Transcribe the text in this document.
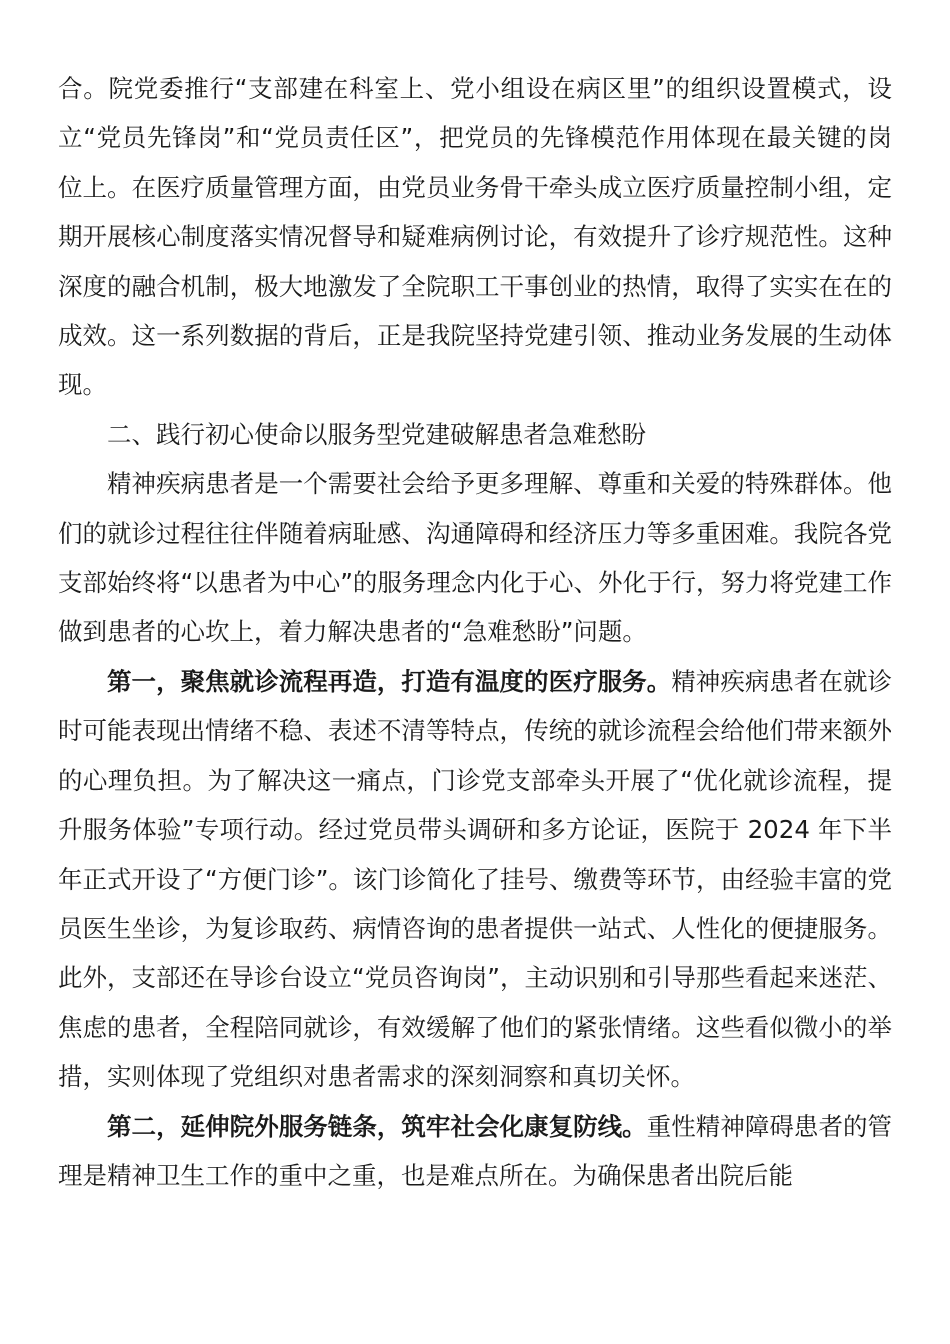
合。院党委推行“支部建在科室上、党小组设在病区里”的组织设置模式，设立“党员先锋岗”和“党员责任区”，把党员的先锋模范作用体现在最关键的岗位上。在医疗质量管理方面，由党员业务骨干牵头成立医疗质量控制小组，定期开展核心制度落实情况督导和疑难病例讨论，有效提升了诊疗规范性。这种深度的融合机制，极大地激发了全院职工干事创业的热情，取得了实实在在的成效。这一系列数据的背后，正是我院坚持党建引领、推动业务发展的生动体现。

二、践行初心使命以服务型党建破解患者急难愁盼

精神疾病患者是一个需要社会给予更多理解、尊重和关爱的特殊群体。他们的就诊过程往往伴随着病耻感、沟通障碍和经济压力等多重困难。我院各党支部始终将“以患者为中心”的服务理念内化于心、外化于行，努力将党建工作做到患者的心坎上，着力解决患者的“急难愁盼”问题。

第一，聚焦就诊流程再造，打造有温度的医疗服务。精神疾病患者在就诊时可能表现出情绪不稳、表述不清等特点，传统的就诊流程会给他们带来额外的心理负担。为了解决这一痛点，门诊党支部牵头开展了“优化就诊流程，提升服务体验”专项行动。经过党员带头调研和多方论证，医院于 2024 年下半年正式开设了“方便门诊”。该门诊简化了挂号、缴费等环节，由经验丰富的党员医生坐诊，为复诊取药、病情咨询的患者提供一站式、人性化的便捷服务。此外，支部还在导诊台设立“党员咨询岗”，主动识别和引导那些看起来迷茫、焦虑的患者，全程陪同就诊，有效缓解了他们的紧张情绪。这些看似微小的举措，实则体现了党组织对患者需求的深刻洞察和真切关怀。

第二，延伸院外服务链条，筑牢社会化康复防线。重性精神障碍患者的管理是精神卫生工作的重中之重，也是难点所在。为确保患者出院后能
